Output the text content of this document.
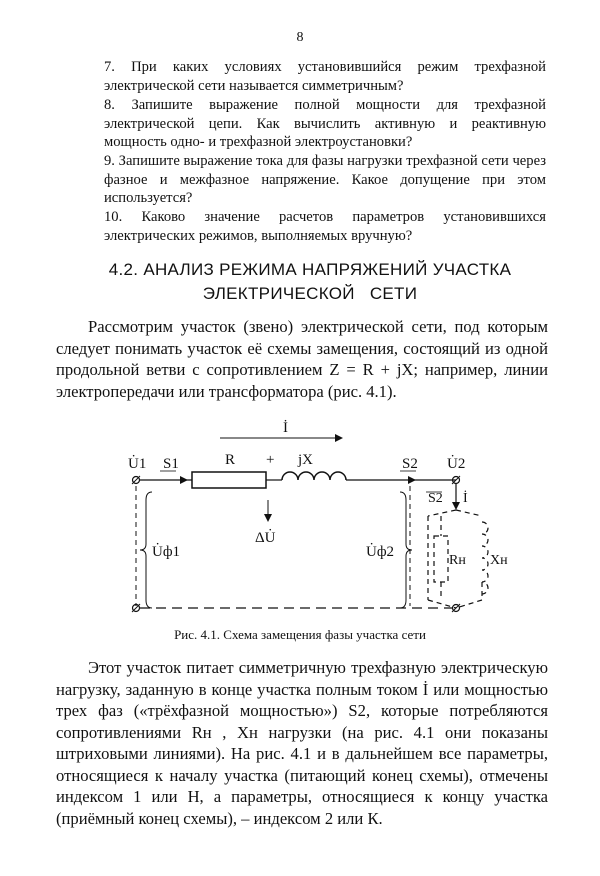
8
7. При каких условиях установившийся режим трехфазной электрической сети называется симметричным?
8. Запишите выражение полной мощности для трехфазной электрической цепи. Как вычислить активную и реактивную мощность одно- и трехфазной электроустановки?
9. Запишите выражение тока для фазы нагрузки трехфазной сети через фазное и межфазное напряжение. Какое допущение при этом используется?
10. Каково значение расчетов параметров установившихся электрических режимов, выполняемых вручную?
4.2. АНАЛИЗ РЕЖИМА НАПРЯЖЕНИЙ УЧАСТКА
ЭЛЕКТРИЧЕСКОЙ   СЕТИ

Рассмотрим участок (звено) электрической сети, под которым следует понимать участок её схемы замещения, состоящий из одной продольной ветви с сопротивлением Z = R + jX; например, линии электропередачи или трансформатора (рис. 4.1).

İ
U̇1 S1	R + jX	S2 U̇2
ΔU̇
S2 İ
Rн Xн
U̇ф1	U̇ф2
Рис. 4.1. Схема замещения фазы участка сети

Этот участок питает симметричную трехфазную электрическую нагрузку, заданную в конце участка полным током İ или мощностью трех фаз («трёхфазной мощностью») S2, которые потребляются сопротивлениями Rн , Xн нагрузки (на рис. 4.1 они показаны штриховыми линиями). На рис. 4.1 и в дальнейшем все параметры, относящиеся к началу участка (питающий конец схемы), отмечены индексом 1 или Н, а параметры, относящиеся к концу участка (приёмный конец схемы), – индексом 2 или К.
